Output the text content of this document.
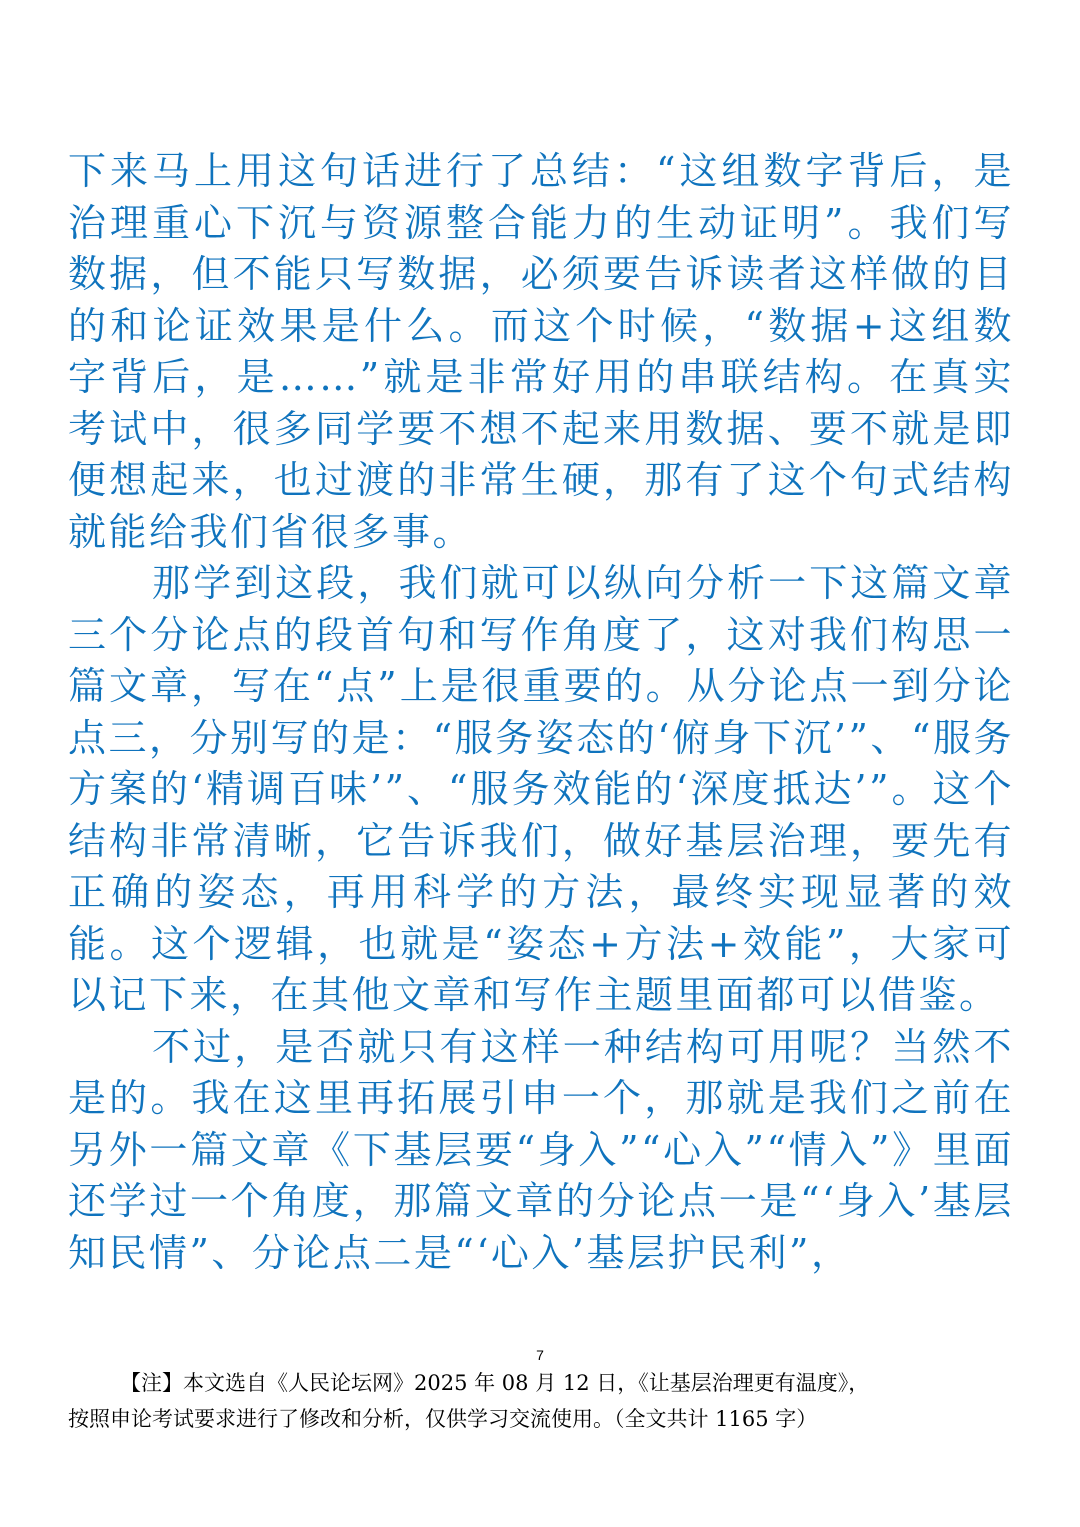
下来马上用这句话进行了总结：“这组数字背后，是治理重心下沉与资源整合能力的生动证明”。我们写数据，但不能只写数据，必须要告诉读者这样做的目的和论证效果是什么。而这个时候，“数据+这组数字背后，是……”就是非常好用的串联结构。在真实考试中，很多同学要不想不起来用数据、要不就是即便想起来，也过渡的非常生硬，那有了这个句式结构就能给我们省很多事。

那学到这段，我们就可以纵向分析一下这篇文章三个分论点的段首句和写作角度了，这对我们构思一篇文章，写在“点”上是很重要的。从分论点一到分论点三，分别写的是：“服务姿态的‘俯身下沉’”、“服务方案的‘精调百味’”、“服务效能的‘深度抵达’”。这个结构非常清晰，它告诉我们，做好基层治理，要先有正确的姿态，再用科学的方法，最终实现显著的效能。这个逻辑，也就是“姿态+方法+效能”，大家可以记下来，在其他文章和写作主题里面都可以借鉴。

不过，是否就只有这样一种结构可用呢？当然不是的。我在这里再拓展引申一个，那就是我们之前在另外一篇文章《下基层要“身入”“心入”“情入”》里面还学过一个角度，那篇文章的分论点一是“‘身入’基层知民情”、分论点二是“‘心入’基层护民利”，

7
【注】本文选自《人民论坛网》2025 年 08 月 12 日，《让基层治理更有温度》，
按照申论考试要求进行了修改和分析，仅供学习交流使用。（全文共计 1165 字）
